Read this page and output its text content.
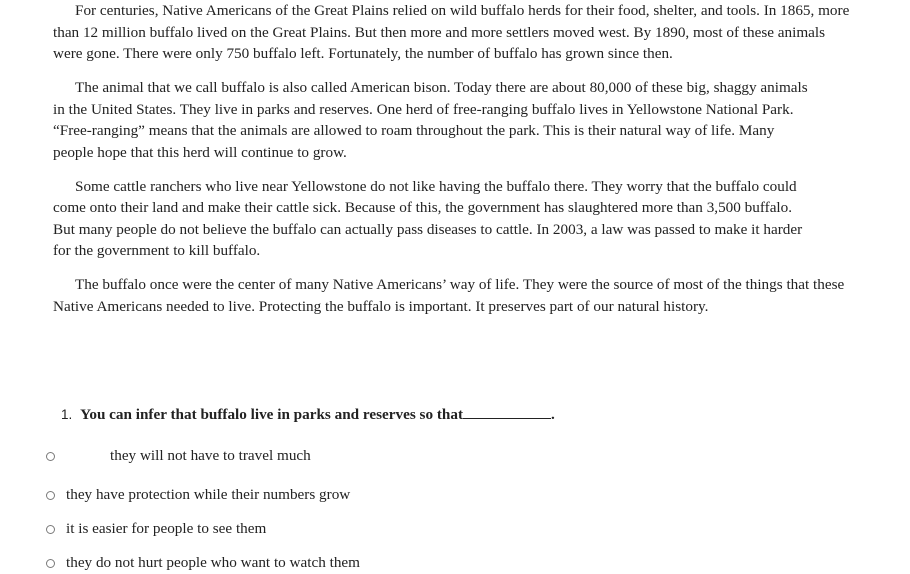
For centuries, Native Americans of the Great Plains relied on wild buffalo herds for their food, shelter, and tools. In 1865, more than 12 million buffalo lived on the Great Plains. But then more and more settlers moved west. By 1890, most of these animals were gone. There were only 750 buffalo left. Fortunately, the number of buffalo has grown since then.

The animal that we call buffalo is also called American bison. Today there are about 80,000 of these big, shaggy animals in the United States. They live in parks and reserves. One herd of free-ranging buffalo lives in Yellowstone National Park. “Free-ranging” means that the animals are allowed to roam throughout the park. This is their natural way of life. Many people hope that this herd will continue to grow.

Some cattle ranchers who live near Yellowstone do not like having the buffalo there. They worry that the buffalo could come onto their land and make their cattle sick. Because of this, the government has slaughtered more than 3,500 buffalo. But many people do not believe the buffalo can actually pass diseases to cattle. In 2003, a law was passed to make it harder for the government to kill buffalo.

The buffalo once were the center of many Native Americans’ way of life. They were the source of most of the things that these Native Americans needed to live. Protecting the buffalo is important. It preserves part of our natural history.

1. You can infer that buffalo live in parks and reserves so that	.
they will not have to travel much
they have protection while their numbers grow
it is easier for people to see them
they do not hurt people who want to watch them
